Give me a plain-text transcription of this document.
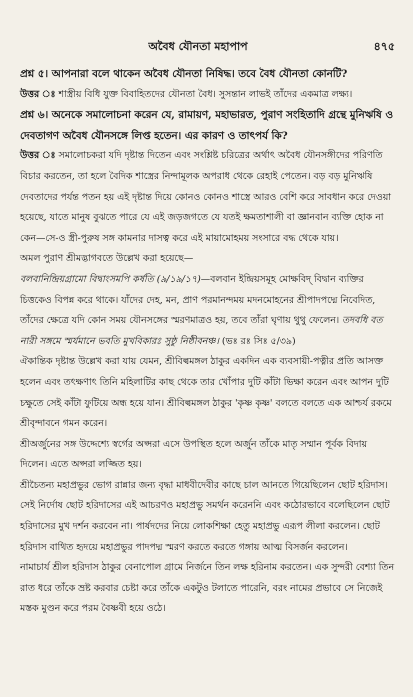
অবৈধ যৌনতা মহাপাপ	৪৭৫

প্রশ্ন ৫। আপনারা বলে থাকেন অবৈধ যৌনতা নিষিদ্ধ। তবে বৈধ যৌনতা কোনটি?

উত্তর ঃ শাস্ত্রীয় বিধি যুক্ত বিবাহিতদের যৌনতা বৈধ। সুসন্তান লাভই তাঁদের একমাত্র লক্ষ্য।

প্রশ্ন ৬। অনেকে সমালোচনা করেন যে, রামায়ণ, মহাভারত, পুরাণ সংহিতাদি গ্রন্থে মুনিঋষি ও দেবতাগণ অবৈধ যৌনসঙ্গে লিপ্ত হতেন। এর কারণ ও তাৎপর্য কি?

উত্তর ঃ সমালোচকরা যদি দৃষ্টান্ত দিতেন এবং সংশ্লিষ্ট চরিত্রের অর্থাৎ অবৈধ যৌনসঙ্গীদের পরিণতি বিচার করতেন, তা হলে বৈদিক শাস্ত্রের নিন্দামূলক অপরাধ থেকে রেহাই পেতেন। বড় বড় মুনিঋষি দেবতাদের পর্যন্ত পতন হয় এই দৃষ্টান্ত দিয়ে কোনও কোনও শাস্ত্রে আরও বেশি করে সাবধান করে দেওয়া হয়েছে, যাতে মানুষ বুঝতে পারে যে এই জড়জগতে যে যতই ক্ষমতাশালী বা জ্ঞানবান ব্যক্তি হোক না কেন—সে-ও স্ত্রী-পুরুষ সঙ্গ কামনার দাসত্ব করে এই মায়ামোহময় সংসারে বদ্ধ থেকে যায়।

অমল পুরাণ শ্রীমদ্ভাগবতে উল্লেখ করা হয়েছে—
বলবানিন্দ্রিয়গ্রামো বিদ্বাংসমপি কর্ষতি (৯/১৯/১৭)—বলবান ইন্দ্রিয়সমূহ মোক্ষবিদ্ বিদ্বান ব্যক্তির চিত্তকেও বিপন্ন করে থাকে। যাঁদের দেহ, মন, প্রাণ পরমানন্দময় মদনমোহনের শ্রীপাদপদ্মে নিবেদিত, তাঁদের ক্ষেত্রে যদি কোন সময় যৌনসঙ্গের স্মরণমাত্রও হয়, তবে তাঁরা ঘৃণায় থুথু ফেলেন। তদবধি বত নারী সঙ্গমে স্মর্যমানে ভবতি মুখবিকারঃ সুষ্ঠু নিষ্ঠীবনঞ্চ। (ভঃ রঃ সিঃ ৫/৩৯)

ঐকান্তিক দৃষ্টান্ত উল্লেখ করা যায় যেমন, শ্রীবিল্বমঙ্গল ঠাকুর একদিন এক ব্যবসায়ী-পত্নীর প্রতি আসক্ত হলেন এবং তৎক্ষণাৎ তিনি মহিলাটির কাছ থেকে তার খোঁপার দুটি কাঁটা ভিক্ষা করেন এবং আপন দুটি চক্ষুতে সেই কাঁটা ফুটিয়ে অন্ধ হয়ে যান। শ্রীবিল্বমঙ্গল ঠাকুর 'কৃষ্ণ কৃষ্ণ' বলতে বলতে এক আশ্চর্য রকমে শ্রীবৃন্দাবনে গমন করেন।

শ্রীঅর্জুনের সঙ্গ উদ্দেশ্যে স্বর্গের অপ্সরা এসে উপস্থিত হলে অর্জুন তাঁকে মাতৃ সম্মান পূর্বক বিদায় দিলেন। এতে অপ্সরা লজ্জিত হয়।

শ্রীচৈতন্য মহাপ্রভুর ভোগ রান্নার জন্য বৃদ্ধা মাধবীদেবীর কাছে চাল আনতে গিয়েছিলেন ছোট হরিদাস। সেই নির্দোষ ছোট হরিদাসের এই আচরণও মহাপ্রভু সমর্থন করেননি এবং কঠোরভাবে বলেছিলেন ছোট হরিদাসের মুখ দর্শন করবেন না। পার্ষদদের নিয়ে লোকশিক্ষা হেতু মহাপ্রভু এরূপ লীলা করলেন। ছোট হরিদাস বাথিত হৃদয়ে মহাপ্রভুর পাদপদ্ম স্মরণ করতে করতে গঙ্গায় আত্ম বিসর্জন করলেন।

নামাচার্য শ্রীল হরিদাস ঠাকুর বেনাপোল গ্রামে নির্জনে তিন লক্ষ হরিনাম করতেন। এক সুন্দরী বেশ্যা তিন রাত ধরে তাঁকে ভ্রষ্ট করবার চেষ্টা করে তাঁকে একটুও টলাতে পারেনি, বরং নামের প্রভাবে সে নিজেই মস্তক মুণ্ডন করে পরম বৈষ্ণবী হয়ে ওঠে।
